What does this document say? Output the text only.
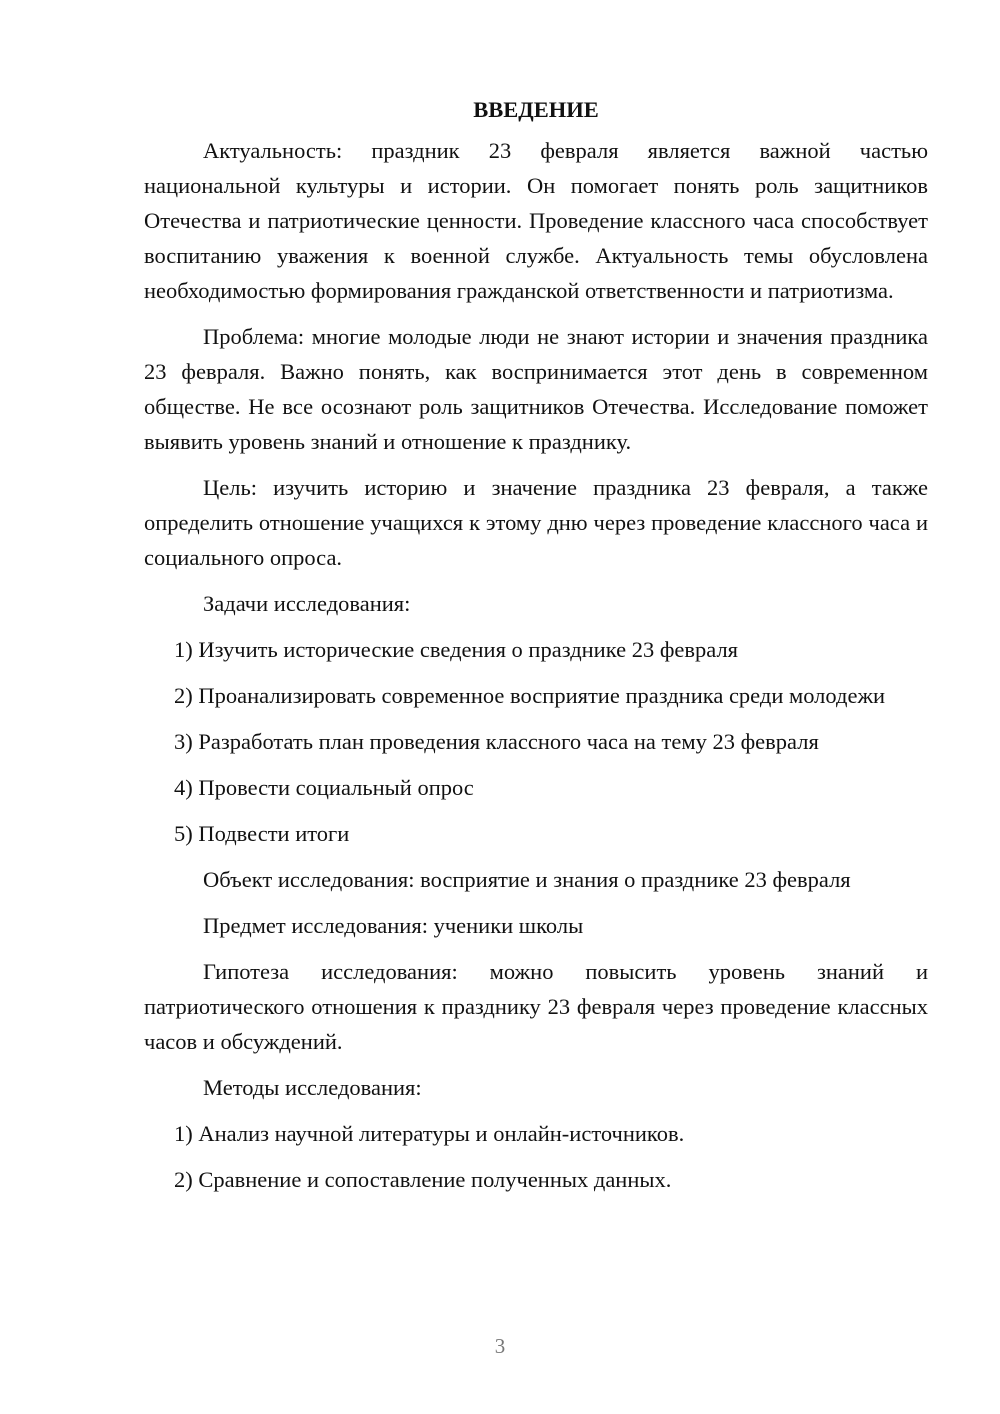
ВВЕДЕНИЕ

Актуальность: праздник 23 февраля является важной частью национальной культуры и истории. Он помогает понять роль защитников Отечества и патриотические ценности. Проведение классного часа способствует воспитанию уважения к военной службе. Актуальность темы обусловлена необходимостью формирования гражданской ответственности и патриотизма.

Проблема: многие молодые люди не знают истории и значения праздника 23 февраля. Важно понять, как воспринимается этот день в современном обществе. Не все осознают роль защитников Отечества. Исследование поможет выявить уровень знаний и отношение к празднику.

Цель: изучить историю и значение праздника 23 февраля, а также определить отношение учащихся к этому дню через проведение классного часа и социального опроса.

Задачи исследования:

1) Изучить исторические сведения о празднике 23 февраля

2) Проанализировать современное восприятие праздника среди молодежи

3) Разработать план проведения классного часа на тему 23 февраля

4) Провести социальный опрос

5) Подвести итоги

Объект исследования: восприятие и знания о празднике 23 февраля

Предмет исследования: ученики школы

Гипотеза исследования: можно повысить уровень знаний и патриотического отношения к празднику 23 февраля через проведение классных часов и обсуждений.

Методы исследования:

1) Анализ научной литературы и онлайн-источников.

2) Сравнение и сопоставление полученных данных.

3
